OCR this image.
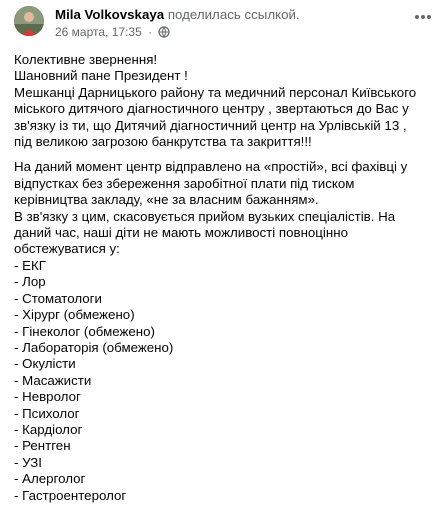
Mila Volkovskaya поделилась ссылкой.
26 марта, 17:35 ·

Колективне звернення!

Шановний пане Президент !

Мешканці Дарницького району та медичний персонал Київського

міського дитячого діагностичного центру , звертаються до Вас у

зв'язку із ти, що Дитячий діагностичний центр на Урлівській 13 ,

під великою загрозою банкрутства та закриття!!!

На даний момент центр відправлено на «простій», всі фахівці у

відпустках без збереження заробітної плати під тиском

керівництва закладу, «не за власним бажанням».

В зв'язку з цим, скасовується прийом вузьких спеціалістів. На

даний час, наші діти не мають можливості повноцінно

обстежуватися у:

- ЕКГ

- Лор

- Стоматологи

- Хірург (обмежено)

- Гінеколог (обмежено)

- Лабораторія (обмежено)

- Окулісти

- Масажисти

- Невролог

- Психолог

- Кардіолог

- Рентген

- УЗІ

- Алерголог

- Гастроентеролог
